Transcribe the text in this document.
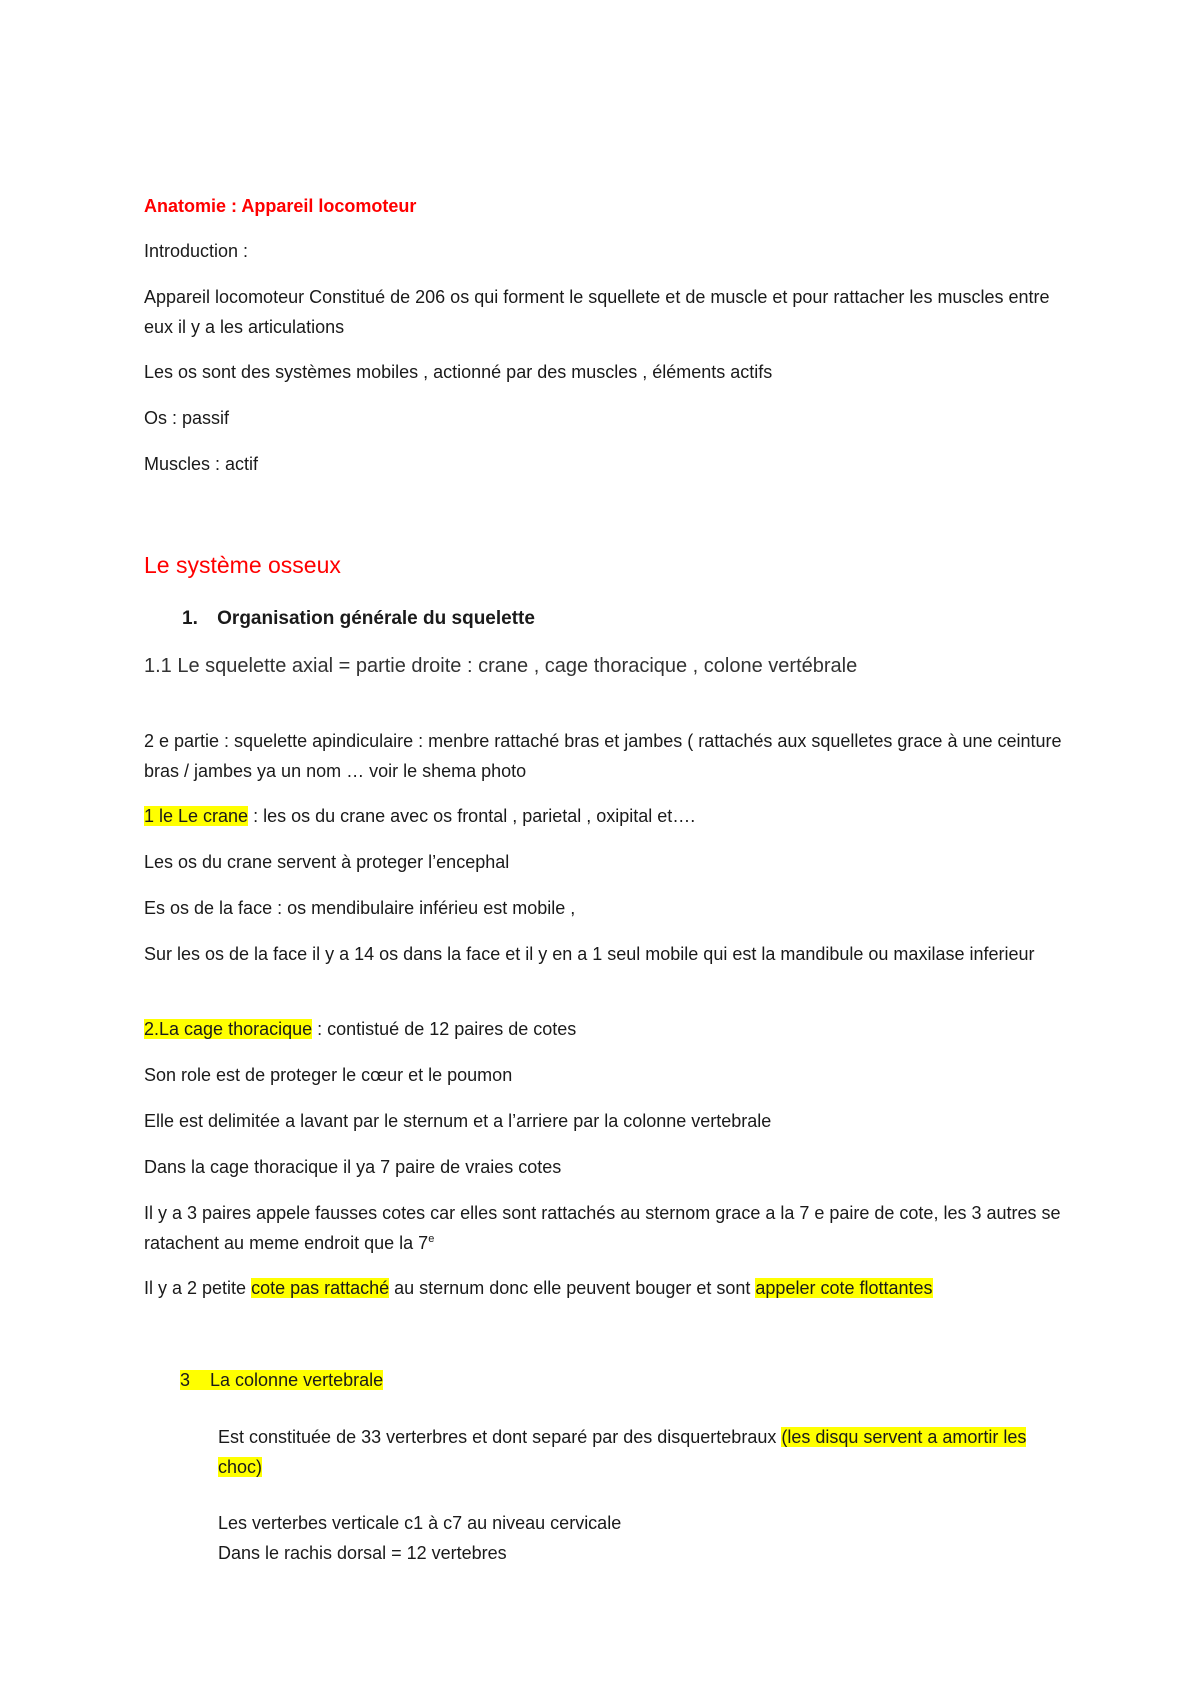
Anatomie : Appareil locomoteur
Introduction :
Appareil locomoteur Constitué de 206 os qui forment le squellete et de muscle et pour rattacher les muscles entre eux il y a les articulations
Les os sont des systèmes mobiles , actionné par des muscles , éléments actifs
Os : passif
Muscles : actif
Le système osseux
1. Organisation générale du squelette
1.1 Le squelette axial = partie droite : crane , cage thoracique , colone vertébrale
2 e partie : squelette apindiculaire : menbre rattaché bras et jambes ( rattachés aux squelletes grace à une ceinture bras / jambes ya un nom … voir le shema photo
1 le Le crane : les os du crane avec os frontal , parietal , oxipital et….
Les os du crane servent à proteger l’encephal
Es os de la face : os mendibulaire inférieu est mobile ,
Sur les os de la face il y a 14 os dans la face et il y en a 1 seul mobile qui est la mandibule ou maxilase inferieur
2.La cage thoracique : contistué de 12 paires de cotes
Son role est de proteger le cœur et le poumon
Elle est delimitée a lavant par le sternum et a l’arriere par la colonne vertebrale
Dans la cage thoracique il ya 7 paire de vraies cotes
Il y a 3 paires appele fausses cotes car elles sont rattachés au sternom grace a la 7 e paire de cote, les 3 autres se ratachent au meme endroit que la 7e
Il y a 2 petite cote pas rattaché au sternum donc elle peuvent bouger et sont appeler cote flottantes
3 La colonne vertebrale
Est constituée de 33 verterbres et dont separé par des disquertebraux (les disqu servent a amortir les choc)
Les verterbes verticale c1 à c7 au niveau cervicale
Dans le rachis dorsal = 12 vertebres
